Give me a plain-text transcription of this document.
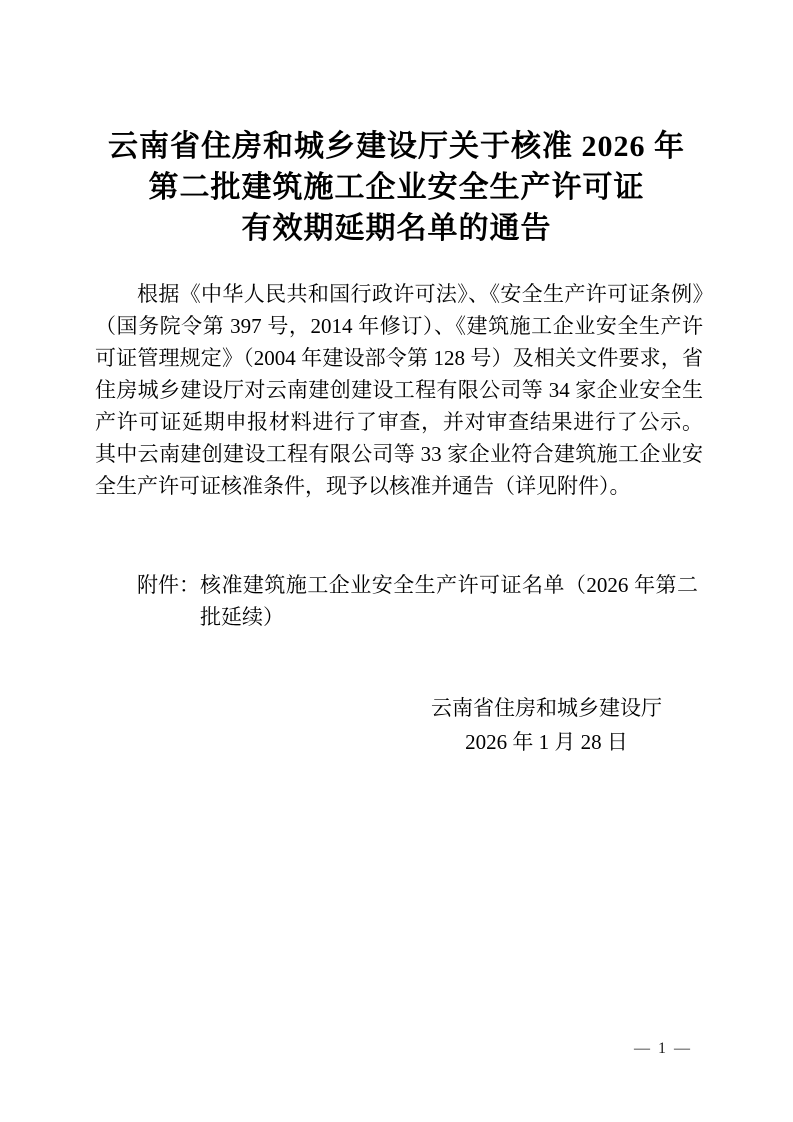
云南省住房和城乡建设厅关于核准 2026 年
第二批建筑施工企业安全生产许可证
有效期延期名单的通告

根据《中华人民共和国行政许可法》、《安全生产许可证条例》（国务院令第 397 号，2014 年修订）、《建筑施工企业安全生产许可证管理规定》（2004 年建设部令第 128 号）及相关文件要求，省住房城乡建设厅对云南建创建设工程有限公司等 34 家企业安全生产许可证延期申报材料进行了审查，并对审查结果进行了公示。其中云南建创建设工程有限公司等 33 家企业符合建筑施工企业安全生产许可证核准条件，现予以核准并通告（详见附件）。

附件： 核准建筑施工企业安全生产许可证名单（2026 年第二批延续）
云南省住房和城乡建设厅
2026 年 1 月 28 日
— 1 —
